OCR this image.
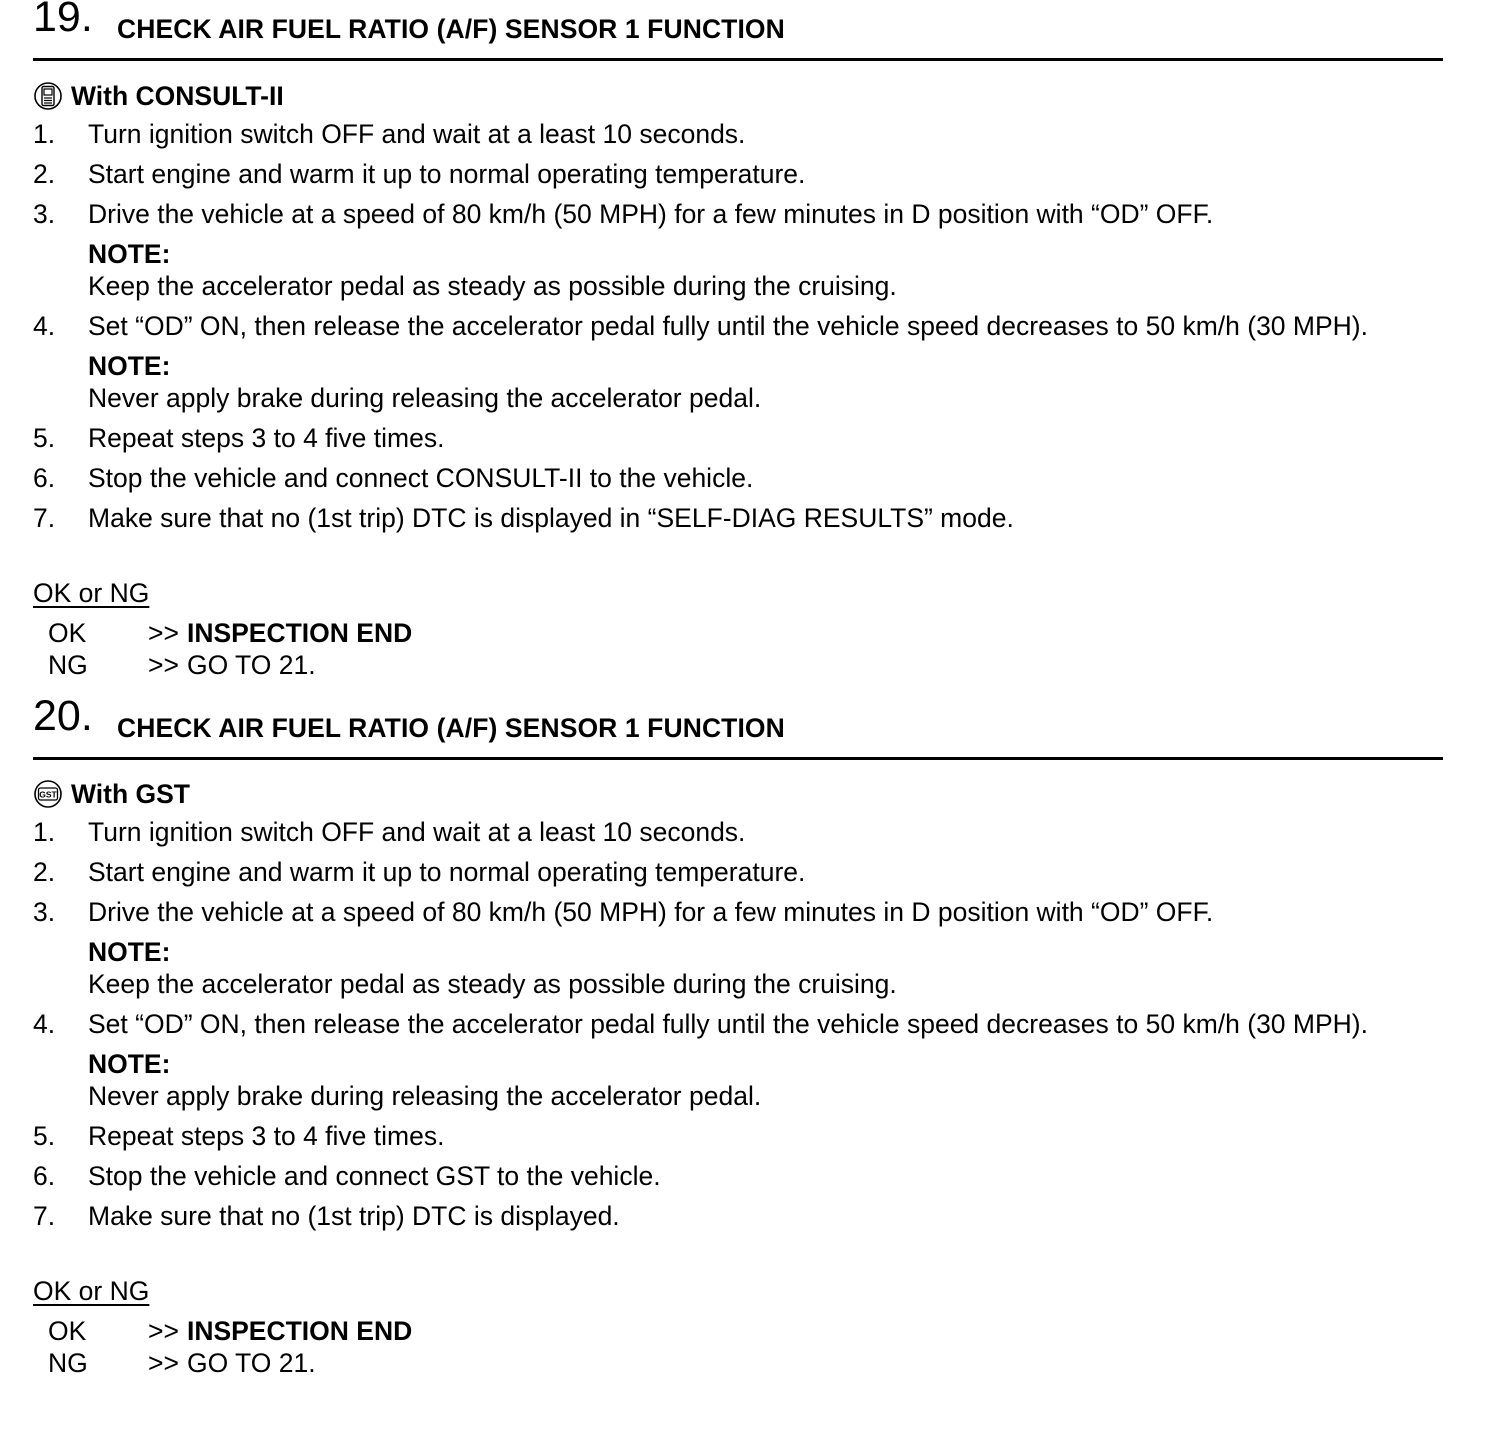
19. CHECK AIR FUEL RATIO (A/F) SENSOR 1 FUNCTION
With CONSULT-II
1. Turn ignition switch OFF and wait at a least 10 seconds.
2. Start engine and warm it up to normal operating temperature.
3. Drive the vehicle at a speed of 80 km/h (50 MPH) for a few minutes in D position with “OD” OFF.
NOTE:
Keep the accelerator pedal as steady as possible during the cruising.
4. Set “OD” ON, then release the accelerator pedal fully until the vehicle speed decreases to 50 km/h (30 MPH).
NOTE:
Never apply brake during releasing the accelerator pedal.
5. Repeat steps 3 to 4 five times.
6. Stop the vehicle and connect CONSULT-II to the vehicle.
7. Make sure that no (1st trip) DTC is displayed in “SELF-DIAG RESULTS” mode.
OK or NG
OK	>> INSPECTION END
NG	>> GO TO 21.
20. CHECK AIR FUEL RATIO (A/F) SENSOR 1 FUNCTION
GST With GST
1. Turn ignition switch OFF and wait at a least 10 seconds.
2. Start engine and warm it up to normal operating temperature.
3. Drive the vehicle at a speed of 80 km/h (50 MPH) for a few minutes in D position with “OD” OFF.
NOTE:
Keep the accelerator pedal as steady as possible during the cruising.
4. Set “OD” ON, then release the accelerator pedal fully until the vehicle speed decreases to 50 km/h (30 MPH).
NOTE:
Never apply brake during releasing the accelerator pedal.
5. Repeat steps 3 to 4 five times.
6. Stop the vehicle and connect GST to the vehicle.
7. Make sure that no (1st trip) DTC is displayed.
OK or NG
OK	>> INSPECTION END
NG	>> GO TO 21.
